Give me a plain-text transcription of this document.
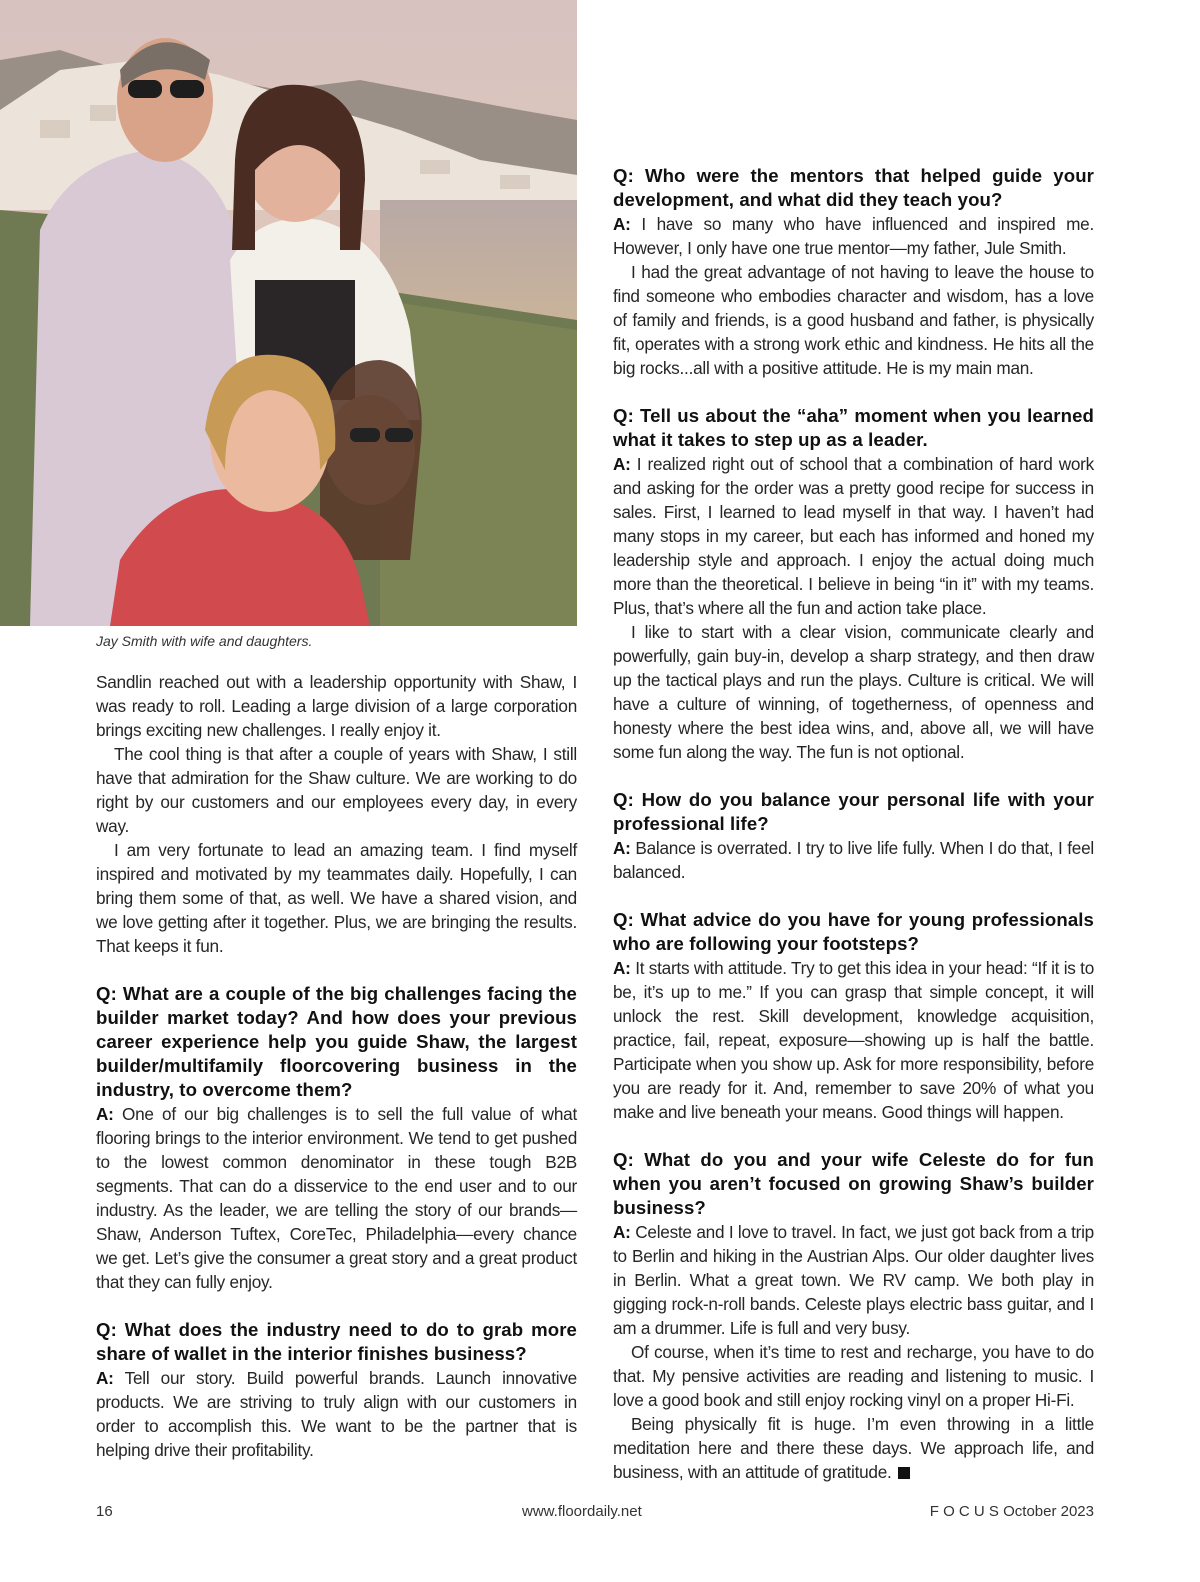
Jay Smith with wife and daughters.

Sandlin reached out with a leadership opportunity with Shaw, I was ready to roll. Leading a large division of a large corporation brings exciting new challenges. I really enjoy it.

The cool thing is that after a couple of years with Shaw, I still have that admiration for the Shaw culture. We are working to do right by our customers and our employees every day, in every way.

I am very fortunate to lead an amazing team. I find myself inspired and motivated by my teammates daily. Hopefully, I can bring them some of that, as well. We have a shared vision, and we love getting after it together. Plus, we are bringing the results. That keeps it fun.

Q: What are a couple of the big challenges facing the builder market today? And how does your previous career experience help you guide Shaw, the largest builder/multifamily floorcovering business in the industry, to overcome them?

A: One of our big challenges is to sell the full value of what flooring brings to the interior environment. We tend to get pushed to the lowest common denominator in these tough B2B segments. That can do a disservice to the end user and to our industry. As the leader, we are telling the story of our brands—Shaw, Anderson Tuftex, CoreTec, Philadelphia—every chance we get. Let’s give the consumer a great story and a great product that they can fully enjoy.

Q: What does the industry need to do to grab more share of wallet in the interior finishes business?

A: Tell our story. Build powerful brands. Launch innovative products. We are striving to truly align with our customers in order to accomplish this. We want to be the partner that is helping drive their profitability.

Q: Who were the mentors that helped guide your development, and what did they teach you?

A: I have so many who have influenced and inspired me. However, I only have one true mentor—my father, Jule Smith.

I had the great advantage of not having to leave the house to find someone who embodies character and wisdom, has a love of family and friends, is a good husband and father, is physically fit, operates with a strong work ethic and kindness. He hits all the big rocks...all with a positive attitude. He is my main man.

Q: Tell us about the “aha” moment when you learned what it takes to step up as a leader.

A: I realized right out of school that a combination of hard work and asking for the order was a pretty good recipe for success in sales. First, I learned to lead myself in that way. I haven’t had many stops in my career, but each has informed and honed my leadership style and approach. I enjoy the actual doing much more than the theoretical. I believe in being “in it” with my teams. Plus, that’s where all the fun and action take place.

I like to start with a clear vision, communicate clearly and powerfully, gain buy-in, develop a sharp strategy, and then draw up the tactical plays and run the plays. Culture is critical. We will have a culture of winning, of togetherness, of openness and honesty where the best idea wins, and, above all, we will have some fun along the way. The fun is not optional.

Q: How do you balance your personal life with your professional life?

A: Balance is overrated. I try to live life fully. When I do that, I feel balanced.

Q: What advice do you have for young professionals who are following your footsteps?

A: It starts with attitude. Try to get this idea in your head: “If it is to be, it’s up to me.” If you can grasp that simple concept, it will unlock the rest. Skill development, knowledge acquisition, practice, fail, repeat, exposure—showing up is half the battle. Participate when you show up. Ask for more responsibility, before you are ready for it. And, remember to save 20% of what you make and live beneath your means. Good things will happen.

Q: What do you and your wife Celeste do for fun when you aren’t focused on growing Shaw’s builder business?

A: Celeste and I love to travel. In fact, we just got back from a trip to Berlin and hiking in the Austrian Alps. Our older daughter lives in Berlin. What a great town. We RV camp. We both play in gigging rock-n-roll bands. Celeste plays electric bass guitar, and I am a drummer. Life is full and very busy.

Of course, when it’s time to rest and recharge, you have to do that. My pensive activities are reading and listening to music. I love a good book and still enjoy rocking vinyl on a proper Hi-Fi.

Being physically fit is huge. I’m even throwing in a little meditation here and there these days. We approach life, and business, with an attitude of gratitude.

16	www.floordaily.net	F O C U S October 2023
